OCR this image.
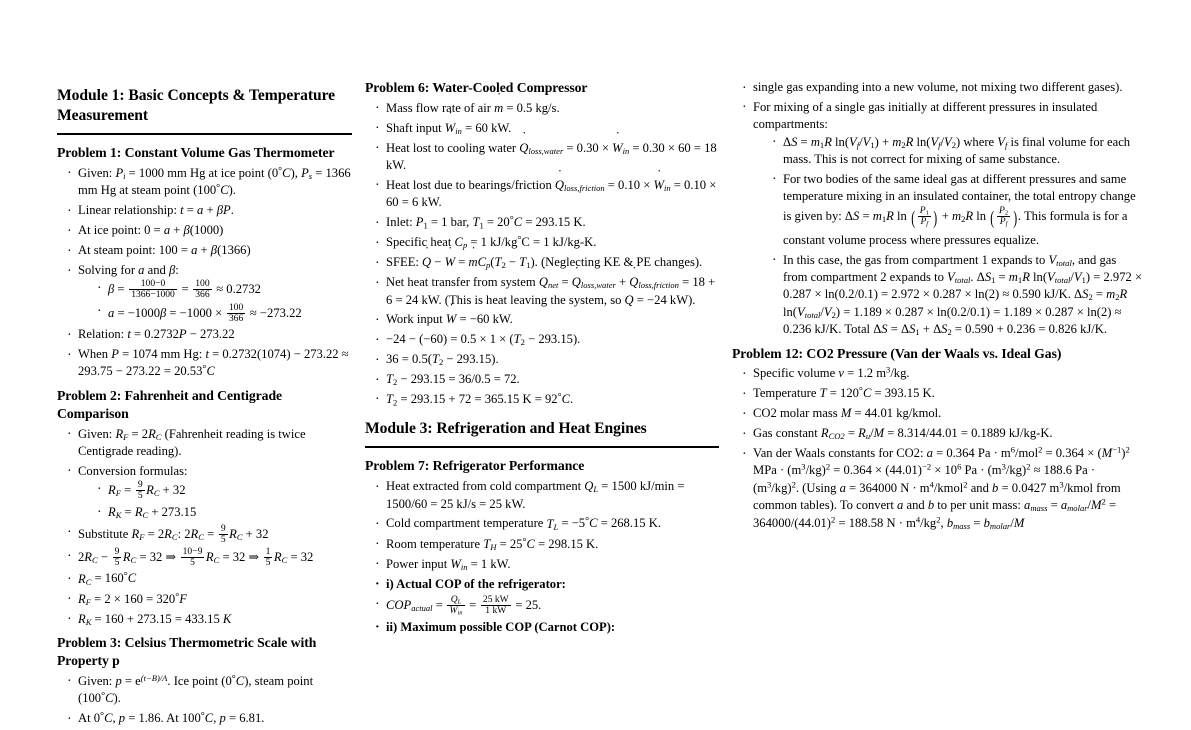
Module 1: Basic Concepts & Temperature Measurement
Problem 1: Constant Volume Gas Thermometer
· Given: $P_i = 1000$ mm Hg at ice point (0°C), $P_s = 1366$ mm Hg at steam point (100°C).
· Linear relationship: t = a + βP.
· At ice point: 0 = a + β(1000)
· At steam point: 100 = a + β(1366)
· Solving for a and β:
· $\beta = \frac{100-0}{1366-1000} = \frac{100}{366} \approx 0.2732$
· $a = -1000\beta = -1000 \times \frac{100}{366} \approx -273.22$
· Relation: t = 0.2732P − 273.22
· When P = 1074 mm Hg: t = 0.2732(1074) − 273.22 ≈ 293.75 − 273.22 = 20.53°C
Problem 2: Fahrenheit and Centigrade Comparison
· Given: $R_F = 2R_C$ (Fahrenheit reading is twice Centigrade reading).
· Conversion formulas:
· $R_F = \frac{9}{5} R_C + 32$
· $R_K = R_C + 273.15$
· Substitute $R_F = 2R_C$: $2R_C = \frac{9}{5} R_C + 32$
· $2R_C - \frac{9}{5} R_C = 32$ ⇒ $\frac{10-9}{5} R_C = 32$ ⇒ $\frac{1}{5} R_C = 32$
· $R_C = 160^\circ C$
· $R_F = 2 \times 160 = 320^\circ F$
· $R_K = 160 + 273.15 = 433.15$ K
Problem 3: Celsius Thermometric Scale with Property p
· Given: $p = e^{(t-B)/A}$. Ice point (0°C), steam point (100°C).
· At 0°C, p = 1.86. At 100°C, p = 6.81.
Problem 6: Water-Cooled Compressor
· Mass flow rate of air m ˙ = 0.5 kg/s.
· Shaft input W $˙_{in} = 60$ kW.
· Heat lost to cooling water Q $˙_{loss,water} = 0.30 \times W$ $˙_{in} = 0.30 \times 60 = 18$ kW.
· Heat lost due to bearings/friction Q $˙_{loss,friction} = 0.10 \times W$ $˙_{in} = 0.10 \times 60 = 6$ kW.
· Inlet: $P_1 = 1$ bar, $T_1 = 20^\circ C = 293.15$ K.
· Specific heat $C_p = 1$ kJ/kg°C = 1 kJ/kg-K.
· SFEE: Q ˙ − W ˙ = m $˙C_p(T_2 - T_1)$. (Neglecting KE & PE changes).
· Net heat transfer from system Q $˙_{net} = Q$ $˙_{loss,water} + Q$ $˙_{loss,friction} = 18 + 6 = 24$ kW. (This is heat leaving the system, so Q = −24 kW).
· Work input W ˙ = −60 kW.
· $-24 - (-60) = 0.5 \times 1 \times (T_2 - 293.15)$.
· $36 = 0.5(T_2 - 293.15)$.
· $T_2 - 293.15 = 36/0.5 = 72$.
· $T_2 = 293.15 + 72 = 365.15$ K = 92°C.
Module 3: Refrigeration and Heat Engines
Problem 7: Refrigerator Performance
· Heat extracted from cold compartment $Q_L = 1500$ kJ/min = 1500/60 = 25 kJ/s = 25 kW.
· Cold compartment temperature $T_L = -5^\circ C = 268.15$ K.
· Room temperature $T_H = 25^\circ C = 298.15$ K.
· Power input $W_{in} = 1$ kW.
· i) Actual COP of the refrigerator:
· $COP_{actual} = \frac{Q_L}{W_{in}} = \frac{25 kW}{1 kW} = 25$.
· ii) Maximum possible COP (Carnot COP):
· single gas expanding into a new volume, not mixing two different gases).
· For mixing of a single gas initially at different pressures in insulated compartments:
· $\Delta S = m_1R$ $\ln(V_f/V_1) + m_2R$ $\ln(V_f/V_2)$ where $V_f$ is final volume for each mass. This is not correct for mixing of same substance.
· For two bodies of the same ideal gas at different pressures and same temperature mixing in an insulated container, the total entropy change is given by: $\Delta S = m_1R$ ln ( $\frac{P_1}{P_f}$ ) + $m_2R$ ln ( $\frac{P_2}{P_f}$ ). This formula is for a constant volume process where pressures equalize.
· In this case, the gas from compartment 1 expands to $V_{total}$, and gas from compartment 2 expands to $V_{total}$. $\Delta S_1 = m_1R$ $\ln(V_{total}/V_1) = 2.972 \times 0.287 \times \ln(0.2/0.1) = 2.972 \times 0.287 \times \ln(2) \approx 0.590$ kJ/K. $\Delta S_2 = m_2R$ $\ln(V_{total}/V_2) = 1.189 \times 0.287 \times \ln(0.2/0.1) = 1.189 \times 0.287 \times \ln(2) \approx 0.236$ kJ/K. Total $\Delta S = \Delta S_1 + \Delta S_2 = 0.590 + 0.236 = 0.826$ kJ/K.
Problem 12: CO2 Pressure (Van der Waals vs. Ideal Gas)
· Specific volume v = 1.2 $m^3/kg$.
· Temperature T = 120°C = 393.15 K.
· CO2 molar mass M = 44.01 kg/kmol.
· Gas constant $R_{CO2} = R_u/M = 8.314/44.01 = 0.1889$ kJ/kg-K.
· Van der Waals constants for CO2: a = 0.364 $Pa \cdot m^6/mol^2 = 0.364 \times (M^{-1})^2$ MPa · $(m^3/kg)^2 = 0.364 \times (44.01)^{-2} \times 10^6$ $Pa \cdot (m^3/kg)^2 \approx 188.6$ $Pa \cdot (m^3/kg)^2$. (Using a = 364000 $N \cdot m^4/kmol^2$ and b = 0.0427 $m^3$/kmol from common tables). To convert a and b to per unit mass: $a_{mass} = a_{molar}/M^2 = 364000/(44.01)^2 = 188.58$ $N \cdot m^4/kg^2$, $b_{mass} = b_{molar}/M$
